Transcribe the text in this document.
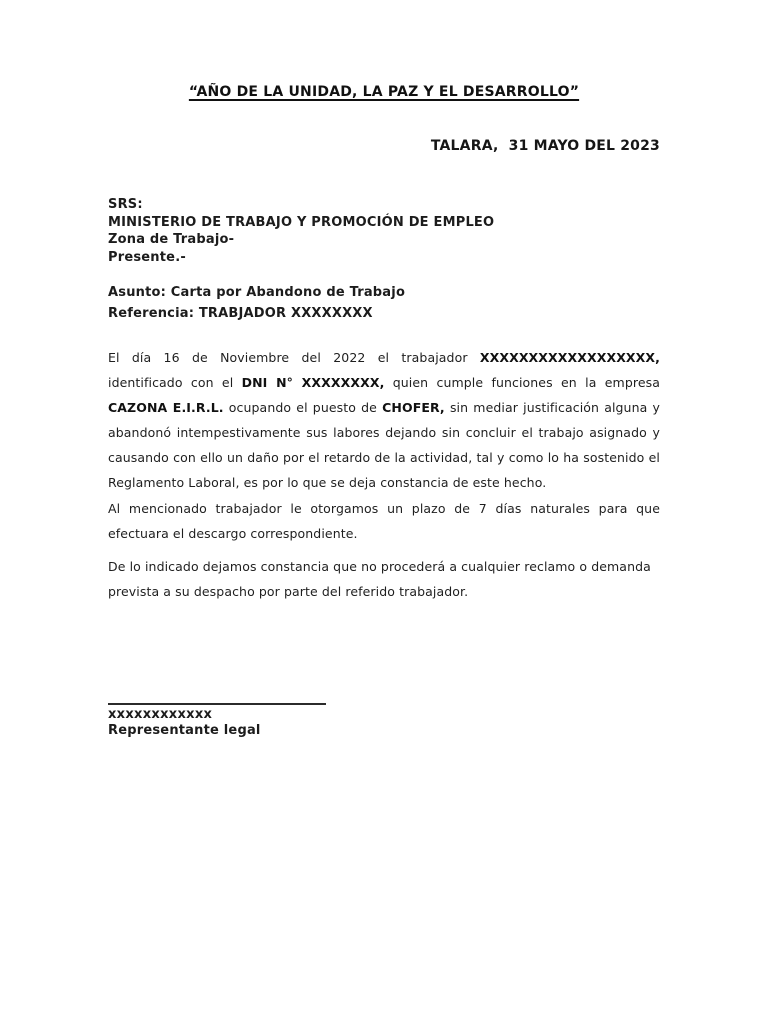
“AÑO DE LA UNIDAD, LA PAZ Y EL DESARROLLO”
TALARA,  31 MAYO DEL 2023
SRS:
MINISTERIO DE TRABAJO Y PROMOCIÓN DE EMPLEO
Zona de Trabajo-
Presente.-
Asunto: Carta por Abandono de Trabajo
Referencia: TRABJADOR XXXXXXXX
El día 16 de Noviembre del 2022 el trabajador XXXXXXXXXXXXXXXXXX, identificado con el DNI N° XXXXXXXX, quien cumple funciones en la empresa CAZONA E.I.R.L. ocupando el puesto de CHOFER, sin mediar justificación alguna y abandonó intempestivamente sus labores dejando sin concluir el trabajo asignado y causando con ello un daño por el retardo de la actividad, tal y como lo ha sostenido el Reglamento Laboral, es por lo que se deja constancia de este hecho.
Al mencionado trabajador le otorgamos un plazo de 7 días naturales para que efectuara el descargo correspondiente.
De lo indicado dejamos constancia que no procederá a cualquier reclamo o demanda prevista a su despacho por parte del referido trabajador.
xxxxxxxxxxxx
Representante legal
